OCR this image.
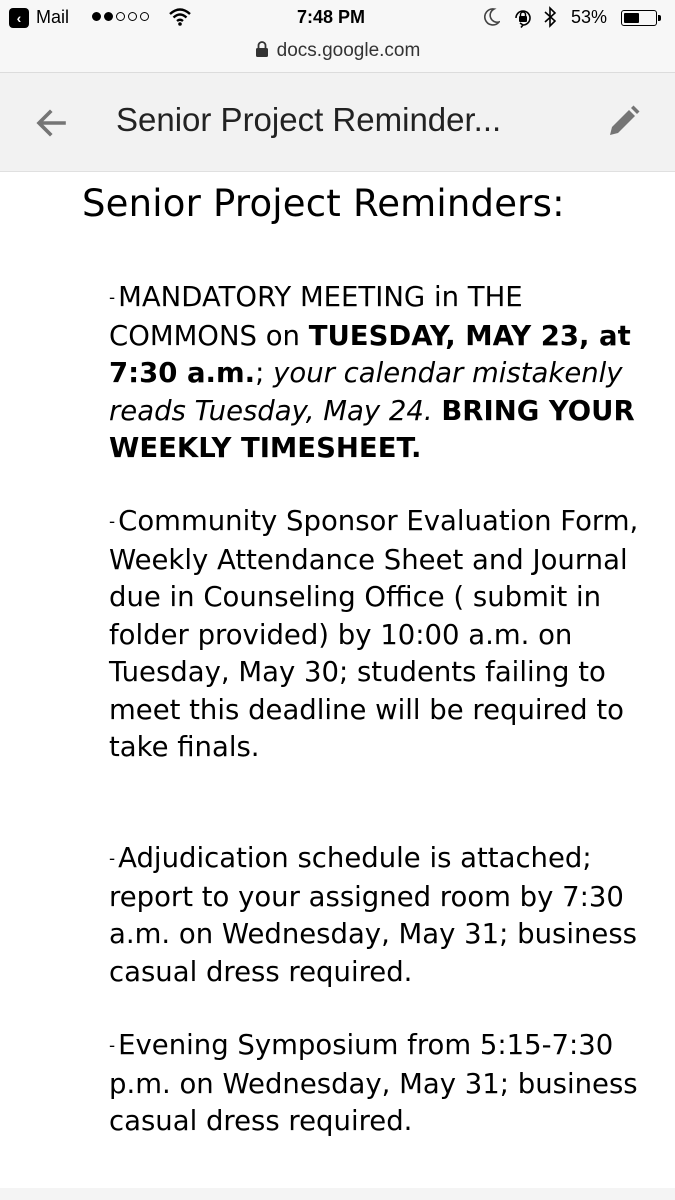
‹ Mail	7:48 PM	53%
docs.google.com
Senior Project Reminder...
Senior Project Reminders:
- MANDATORY MEETING in THE COMMONS on TUESDAY, MAY 23, at 7:30 a.m.; your calendar mistakenly reads Tuesday, May 24. BRING YOUR WEEKLY TIMESHEET.
- Community Sponsor Evaluation Form, Weekly Attendance Sheet and Journal due in Counseling Office ( submit in folder provided) by 10:00 a.m. on Tuesday, May 30; students failing to meet this deadline will be required to take finals.
- Adjudication schedule is attached; report to your assigned room by 7:30 a.m. on Wednesday, May 31; business casual dress required.
- Evening Symposium from 5:15-7:30 p.m. on Wednesday, May 31; business casual dress required.
